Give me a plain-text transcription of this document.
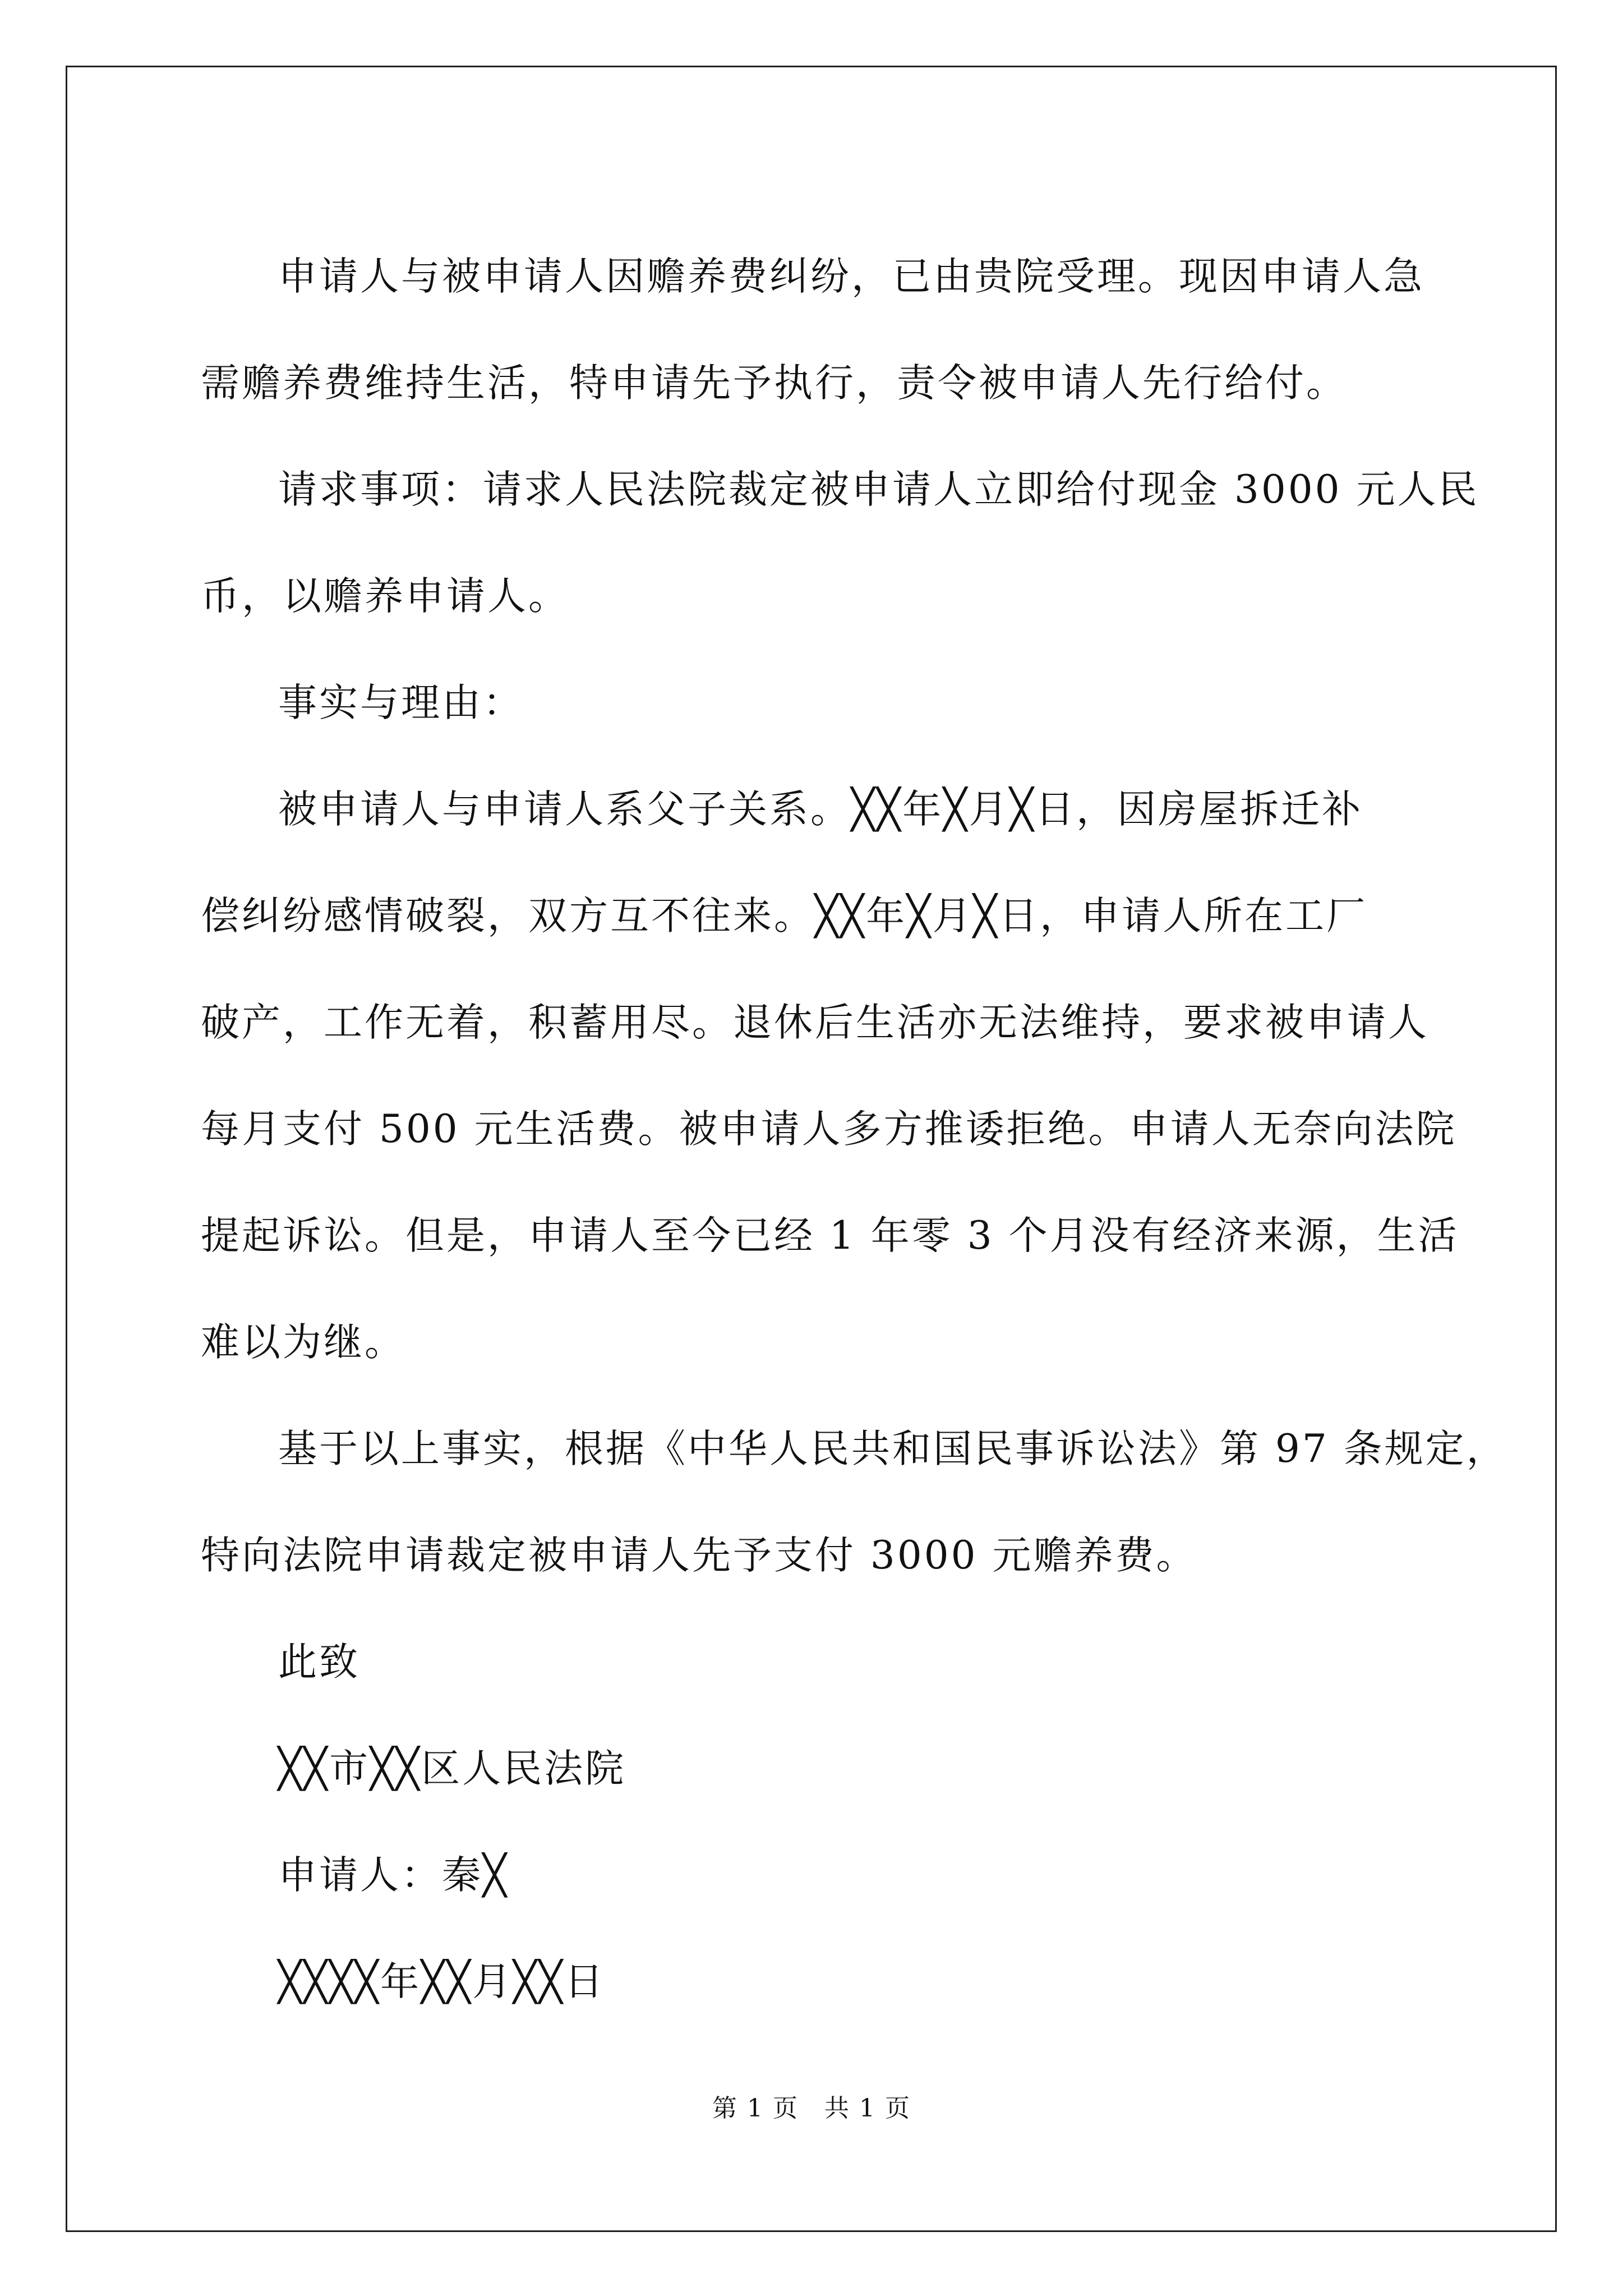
申请人与被申请人因赡养费纠纷，已由贵院受理。现因申请人急
需赡养费维持生活，特申请先予执行，责令被申请人先行给付。
请求事项：请求人民法院裁定被申请人立即给付现金 3000 元人民
币，以赡养申请人。
事实与理由：
被申请人与申请人系父子关系。╳╳年╳月╳日，因房屋拆迁补
偿纠纷感情破裂，双方互不往来。╳╳年╳月╳日，申请人所在工厂
破产，工作无着，积蓄用尽。退休后生活亦无法维持，要求被申请人
每月支付 500 元生活费。被申请人多方推诿拒绝。申请人无奈向法院
提起诉讼。但是，申请人至今已经 1 年零 3 个月没有经济来源，生活
难以为继。
基于以上事实，根据《中华人民共和国民事诉讼法》第 97 条规定，
特向法院申请裁定被申请人先予支付 3000 元赡养费。
此致
╳╳市╳╳区人民法院
申请人：秦╳
╳╳╳╳年╳╳月╳╳日
第 1 页　共 1 页
